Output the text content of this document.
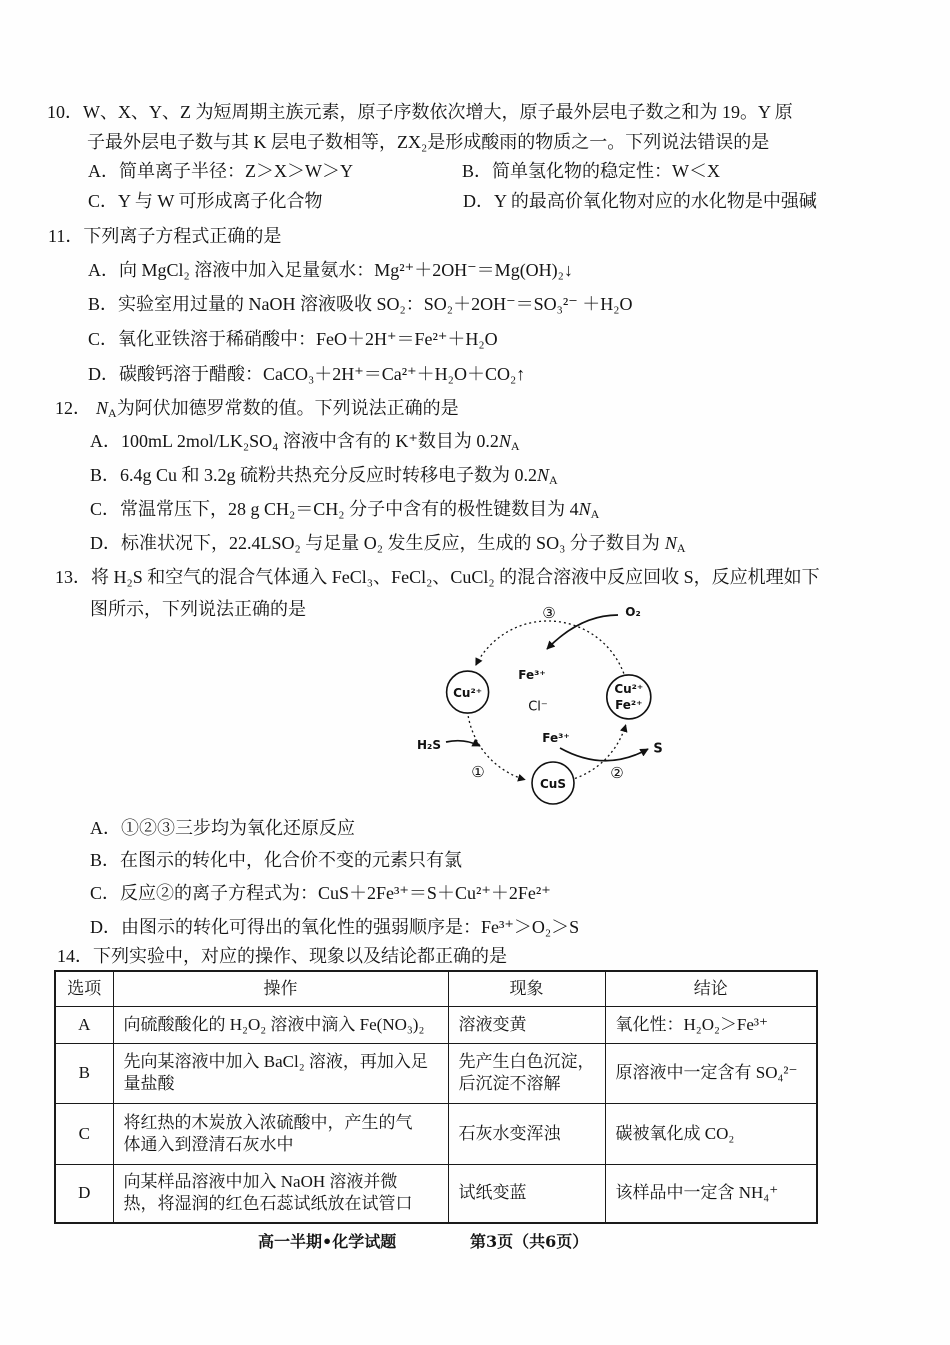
10．W、X、Y、Z 为短周期主族元素，原子序数依次增大，原子最外层电子数之和为 19。Y 原
子最外层电子数与其 K 层电子数相等，ZX₂是形成酸雨的物质之一。下列说法错误的是
A．简单离子半径：Z＞X＞W＞Y	B．简单氢化物的稳定性：W＜X
C．Y 与 W 可形成离子化合物	D．Y 的最高价氧化物对应的水化物是中强碱
11．下列离子方程式正确的是
A．向 MgCl₂ 溶液中加入足量氨水：Mg²⁺＋2OH⁻＝Mg(OH)₂↓
B．实验室用过量的 NaOH 溶液吸收 SO₂：SO₂＋2OH⁻＝SO₃²⁻ ＋H₂O
C．氧化亚铁溶于稀硝酸中：FeO＋2H⁺＝Fe²⁺＋H₂O
D．碳酸钙溶于醋酸：CaCO₃＋2H⁺＝Ca²⁺＋H₂O＋CO₂↑
12． NA为阿伏加德罗常数的值。下列说法正确的是
A．100mL 2mol/LK₂SO₄ 溶液中含有的 K⁺数目为 0.2NA
B．6.4g Cu 和 3.2g 硫粉共热充分反应时转移电子数为 0.2NA
C．常温常压下，28 g CH₂＝CH₂ 分子中含有的极性键数目为 4NA
D．标准状况下，22.4LSO₂ 与足量 O₂ 发生反应，生成的 SO₃ 分子数目为 NA
13．将 H₂S 和空气的混合气体通入 FeCl₃、FeCl₂、CuCl₂ 的混合溶液中反应回收 S，反应机理如下
图所示，下列说法正确的是
Cu²⁺	Cu²⁺
Fe²⁺
CuS
③	O₂
Fe³⁺
Cl⁻
Fe³⁺
H₂S
①	②
S
A．①②③三步均为氧化还原反应
B．在图示的转化中，化合价不变的元素只有氯
C．反应②的离子方程式为：CuS＋2Fe³⁺＝S＋Cu²⁺＋2Fe²⁺
D．由图示的转化可得出的氧化性的强弱顺序是：Fe³⁺＞O₂＞S
14．下列实验中，对应的操作、现象以及结论都正确的是
选项	操作	现象	结论
A	向硫酸酸化的 H₂O₂ 溶液中滴入 Fe(NO₃)₂	溶液变黄	氧化性：H₂O₂＞Fe³⁺

B	先向某溶液中加入 BaCl₂ 溶液，再加入足
量盐酸	先产生白色沉淀，
后沉淀不溶解	原溶液中一定含有 SO₄²⁻

C	将红热的木炭放入浓硫酸中，产生的气
体通入到澄清石灰水中	石灰水变浑浊	碳被氧化成 CO₂

D	向某样品溶液中加入 NaOH 溶液并微
热，将湿润的红色石蕊试纸放在试管口	试纸变蓝	该样品中一定含 NH₄⁺
高一半期•化学试题	第3页（共6页）
